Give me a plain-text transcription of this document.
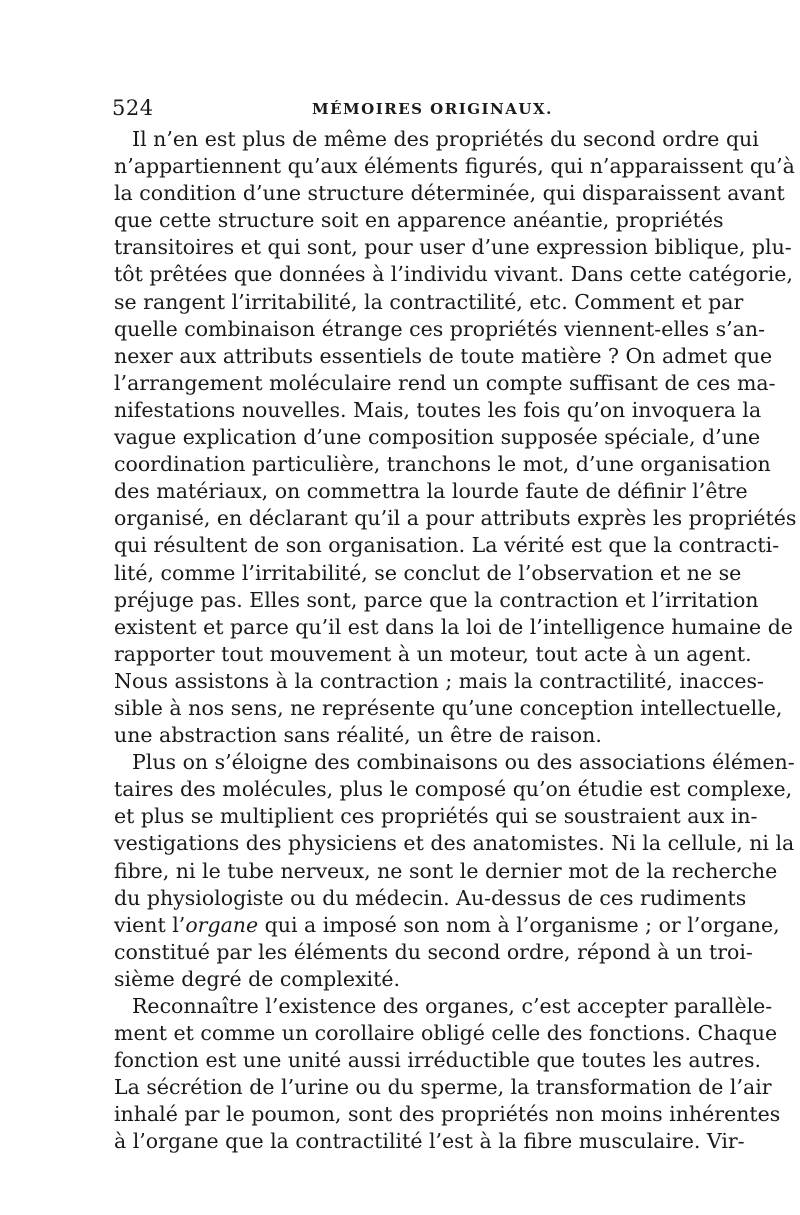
524	MÉMOIRES ORIGINAUX.
Il n’en est plus de même des propriétés du second ordre qui
n’appartiennent qu’aux éléments figurés, qui n’apparaissent qu’à
la condition d’une structure déterminée, qui disparaissent avant
que cette structure soit en apparence anéantie, propriétés
transitoires et qui sont, pour user d’une expression biblique, plu-
tôt prêtées que données à l’individu vivant. Dans cette catégorie,
se rangent l’irritabilité, la contractilité, etc. Comment et par
quelle combinaison étrange ces propriétés viennent-elles s’an-
nexer aux attributs essentiels de toute matière ? On admet que
l’arrangement moléculaire rend un compte suffisant de ces ma-
nifestations nouvelles. Mais, toutes les fois qu’on invoquera la
vague explication d’une composition supposée spéciale, d’une
coordination particulière, tranchons le mot, d’une organisation
des matériaux, on commettra la lourde faute de définir l’être
organisé, en déclarant qu’il a pour attributs exprès les propriétés
qui résultent de son organisation. La vérité est que la contracti-
lité, comme l’irritabilité, se conclut de l’observation et ne se
préjuge pas. Elles sont, parce que la contraction et l’irritation
existent et parce qu’il est dans la loi de l’intelligence humaine de
rapporter tout mouvement à un moteur, tout acte à un agent.
Nous assistons à la contraction ; mais la contractilité, inacces-
sible à nos sens, ne représente qu’une conception intellectuelle,
une abstraction sans réalité, un être de raison.
Plus on s’éloigne des combinaisons ou des associations élémen-
taires des molécules, plus le composé qu’on étudie est complexe,
et plus se multiplient ces propriétés qui se soustraient aux in-
vestigations des physiciens et des anatomistes. Ni la cellule, ni la
fibre, ni le tube nerveux, ne sont le dernier mot de la recherche
du physiologiste ou du médecin. Au-dessus de ces rudiments
vient l’organe qui a imposé son nom à l’organisme ; or l’organe,
constitué par les éléments du second ordre, répond à un troi-
sième degré de complexité.
Reconnaître l’existence des organes, c’est accepter parallèle-
ment et comme un corollaire obligé celle des fonctions. Chaque
fonction est une unité aussi irréductible que toutes les autres.
La sécrétion de l’urine ou du sperme, la transformation de l’air
inhalé par le poumon, sont des propriétés non moins inhérentes
à l’organe que la contractilité l’est à la fibre musculaire. Vir-
